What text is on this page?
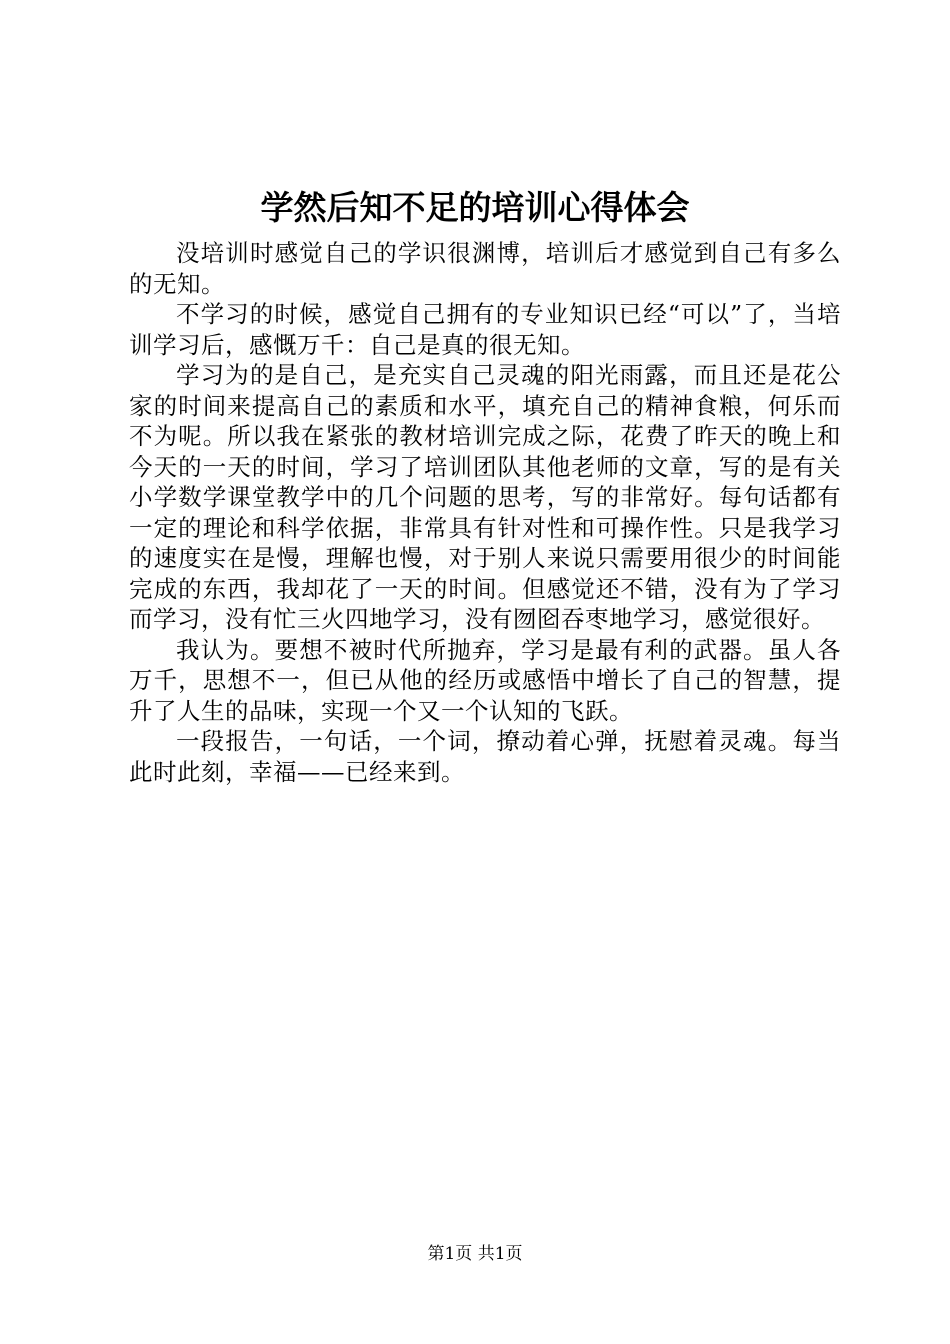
学然后知不足的培训心得体会

没培训时感觉自己的学识很渊博，培训后才感觉到自己有多么的无知。

不学习的时候，感觉自己拥有的专业知识已经“可以”了，当培训学习后，感慨万千：自己是真的很无知。

学习为的是自己，是充实自己灵魂的阳光雨露，而且还是花公家的时间来提高自己的素质和水平，填充自己的精神食粮，何乐而不为呢。所以我在紧张的教材培训完成之际，花费了昨天的晚上和今天的一天的时间，学习了培训团队其他老师的文章，写的是有关小学数学课堂教学中的几个问题的思考，写的非常好。每句话都有一定的理论和科学依据，非常具有针对性和可操作性。只是我学习的速度实在是慢，理解也慢，对于别人来说只需要用很少的时间能完成的东西，我却花了一天的时间。但感觉还不错，没有为了学习而学习，没有忙三火四地学习，没有囫囵吞枣地学习，感觉很好。

我认为。要想不被时代所抛弃，学习是最有利的武器。虽人各万千，思想不一，但已从他的经历或感悟中增长了自己的智慧，提升了人生的品味，实现一个又一个认知的飞跃。

一段报告，一句话，一个词，撩动着心弹，抚慰着灵魂。每当此时此刻，幸福——已经来到。

第1页 共1页
